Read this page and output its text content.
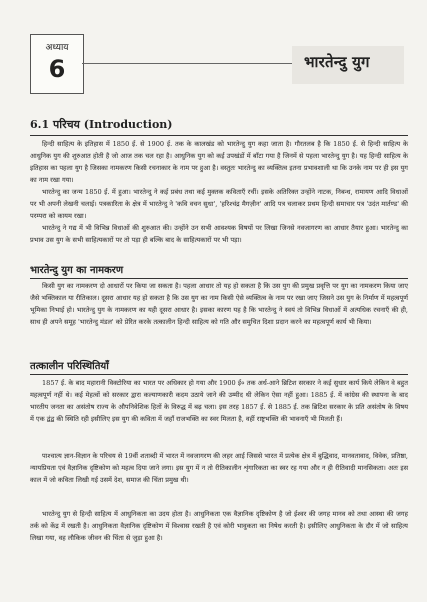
अध्याय
6	भारतेन्दु युग
6.1 परिचय (Introduction)

हिन्दी साहित्य के इतिहास में 1850 ई. से 1900 ई. तक के कालखंड को भारतेन्दु युग कहा जाता है। गौरतलब है कि 1850 ई. से हिन्दी साहित्य के आधुनिक युग की शुरुआत होती है जो आज तक चल रहा है। आधुनिक युग को कई उपखंडों में बाँटा गया है जिनमें से पहला भारतेन्दु युग है। यह हिन्दी साहित्य के इतिहास का पहला युग है जिसका नामकरण किसी रचनाकार के नाम पर हुआ है। वस्तुतः भारतेन्दु का व्यक्तित्व इतना प्रभावशाली था कि उनके नाम पर ही इस युग का नाम रखा गया।

भारतेन्दु का जन्म 1850 ई. में हुआ। भारतेन्दु ने कई प्रबंध तथा कई मुक्तक कविताएँ रचीं। इसके अतिरिक्त उन्होंने नाटक, निबन्ध, रामायण आदि विधाओं पर भी अपनी लेखनी चलाई। पत्रकारिता के क्षेत्र में भारतेन्दु ने 'कवि वचन सुधा', 'हरिश्चंद्र मैगज़ीन' आदि पत्र चलाकर प्रथम हिन्दी समाचार पत्र 'उदंत मार्तण्ड' की परम्परा को कायम रखा।

भारतेन्दु ने गद्य में भी विभिन्न विधाओं की शुरुआत की। उन्होंने उन सभी आवश्यक विषयों पर लिखा जिनसे नवजागरण का आधार तैयार हुआ। भारतेन्दु का प्रभाव उस युग के सभी साहित्यकारों पर तो पड़ा ही बल्कि बाद के साहित्यकारों पर भी पड़ा।

भारतेन्दु युग का नामकरण

किसी युग का नामकरण दो आधारों पर किया जा सकता है। पहला आधार तो यह हो सकता है कि उस युग की प्रमुख प्रवृत्ति पर युग का नामकरण किया जाए जैसे भक्तिकाल या रीतिकाल। दूसरा आधार यह हो सकता है कि उस युग का नाम किसी ऐसे व्यक्तित्व के नाम पर रखा जाए जिसने उस युग के निर्माण में महत्वपूर्ण भूमिका निभाई हो। भारतेन्दु युग के नामकरण का यही दूसरा आधार है। इसका कारण यह है कि भारतेन्दु ने स्वयं तो विभिन्न विधाओं में अत्यधिक रचनाएँ की ही, साथ ही अपने समूह 'भारतेन्दु मंडल' को प्रेरित करके तत्कालीन हिन्दी साहित्य को गति और समुचित दिशा प्रदान करने का महत्वपूर्ण कार्य भी किया।

तत्कालीन परिस्थितियाँ

1857 ई. के बाद महारानी विक्टोरिया का भारत पर अधिकार हो गया और 1900 ई० तक अर्ध-आने ब्रिटिश सरकार ने कई सुधार कार्य किये लेकिन वे बहुत महत्वपूर्ण नहीं थे। कई मेहत्वों को सरकार द्वारा कल्याणकारी कदम उठाये जाने की उम्मीद थी लेकिन ऐसा नहीं हुआ। 1885 ई. में कांग्रेस की स्थापना के बाद भारतीय जनता का असंतोष राज्य के औपनिवेशिक हितों के विरुद्ध में बढ़ चला। इस तरह 1857 ई. से 1885 ई. तक ब्रिटिश सरकार के प्रति असंतोष के विषय में एक द्वंद्व की स्थिति रही इसीलिए इस युग की कविता में जहाँ राजभक्ति का स्वर मिलता है, वहीं राष्ट्रभक्ति की भावनाएँ भी मिलती हैं।

पाश्चात्य ज्ञान-विज्ञान के परिचय से 19वीं शताब्दी में भारत में नवजागरण की लहर आई जिससे भारत में प्रत्येक क्षेत्र में बुद्धिवाद, मानवतावाद, विवेक, प्रतिष्ठा, न्यायप्रियता एवं वैज्ञानिक दृष्टिकोण को महत्व दिया जाने लगा। इस युग में न तो रीतिकालीन शृंगारिकता का स्वर रह गया और न ही रीतिवादी मानसिकता। अतः इस काल में जो कविता लिखी गई उसमें देश, समाज की चिंता प्रमुख थी।

भारतेन्दु युग से हिन्दी साहित्य में आधुनिकता का उदय होता है। आधुनिकता एक वैज्ञानिक दृष्टिकोण है जो ईश्वर की जगह मानव को तथा आस्था की जगह तर्क को केंद्र में रखती है। आधुनिकता वैज्ञानिक दृष्टिकोण में विश्वास रखती है एवं कोरी भावुकता का निषेध करती है। इसीलिए आधुनिकता के दौर में जो साहित्य लिखा गया, वह लौकिक जीवन की चिंता से जुड़ा हुआ है।
